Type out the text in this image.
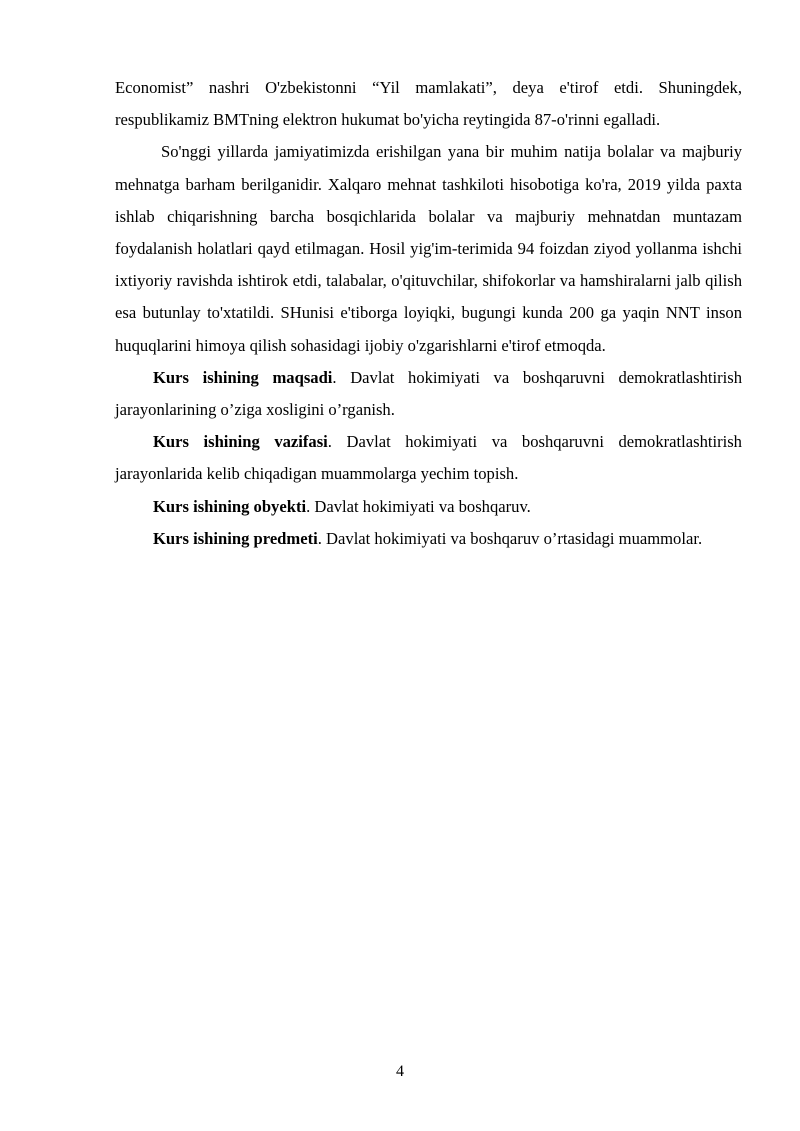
Economist” nashri O'zbekistonni “Yil mamlakati”, deya e'tirof etdi. Shuningdek, respublikamiz BMTning elektron hukumat bo'yicha reytingida 87-o'rinni egalladi.

So'nggi yillarda jamiyatimizda erishilgan yana bir muhim natija bolalar va majburiy mehnatga barham berilganidir. Xalqaro mehnat tashkiloti hisobotiga ko'ra, 2019 yilda paxta ishlab chiqarishning barcha bosqichlarida bolalar va majburiy mehnatdan muntazam foydalanish holatlari qayd etilmagan. Hosil yig'im-terimida 94 foizdan ziyod yollanma ishchi ixtiyoriy ravishda ishtirok etdi, talabalar, o'qituvchilar, shifokorlar va hamshiralarni jalb qilish esa butunlay to'xtatildi. SHunisi e'tiborga loyiqki, bugungi kunda 200 ga yaqin NNT inson huquqlarini himoya qilish sohasidagi ijobiy o'zgarishlarni e'tirof etmoqda.

Kurs ishining maqsadi. Davlat hokimiyati va boshqaruvni demokratlashtirish jarayonlarining o’ziga xosligini o’rganish.

Kurs ishining vazifasi. Davlat hokimiyati va boshqaruvni demokratlashtirish jarayonlarida kelib chiqadigan muammolarga yechim topish.

Kurs ishining obyekti. Davlat hokimiyati va boshqaruv.

Kurs ishining predmeti. Davlat hokimiyati va boshqaruv o’rtasidagi muammolar.

4
